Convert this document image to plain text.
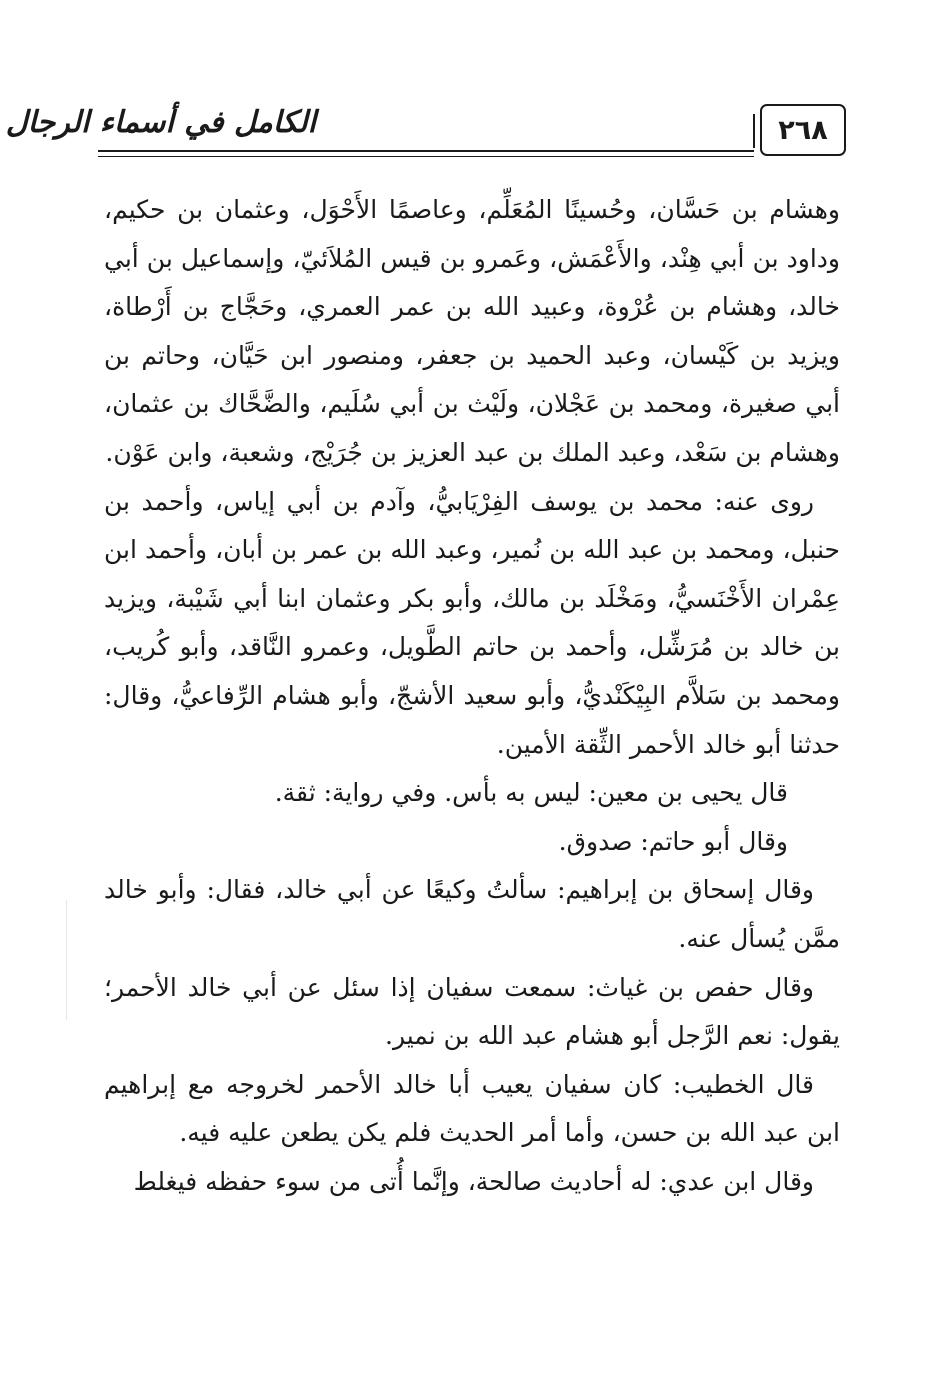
الكامل في أسماء الرجال	٢٦٨

وهشام بن حَسَّان، وحُسينًا المُعَلِّم، وعاصمًا الأَحْوَل، وعثمان بن حكيم، وداود بن أبي هِنْد، والأَعْمَش، وعَمرو بن قيس المُلاَئيّ، وإسماعيل بن أبي خالد، وهشام بن عُرْوة، وعبيد الله بن عمر العمري، وحَجَّاج بن أَرْطاة، ويزيد بن كَيْسان، وعبد الحميد بن جعفر، ومنصور ابن حَيَّان، وحاتم بن أبي صغيرة، ومحمد بن عَجْلان، ولَيْث بن أبي سُلَيم، والضَّحَّاك بن عثمان، وهشام بن سَعْد، وعبد الملك بن عبد العزيز بن جُرَيْج، وشعبة، وابن عَوْن.

روى عنه: محمد بن يوسف الفِرْيَابيُّ، وآدم بن أبي إياس، وأحمد بن حنبل، ومحمد بن عبد الله بن نُمير، وعبد الله بن عمر بن أبان، وأحمد ابن عِمْران الأَخْنَسيُّ، ومَخْلَد بن مالك، وأبو بكر وعثمان ابنا أبي شَيْبة، ويزيد بن خالد بن مُرَشِّل، وأحمد بن حاتم الطَّويل، وعمرو النَّاقد، وأبو كُريب، ومحمد بن سَلاَّم البِيْكَنْديُّ، وأبو سعيد الأشجّ، وأبو هشام الرِّفاعيُّ، وقال: حدثنا أبو خالد الأحمر الثِّقة الأمين.

قال يحيى بن معين: ليس به بأس. وفي رواية: ثقة.

وقال أبو حاتم: صدوق.

وقال إسحاق بن إبراهيم: سألتُ وكيعًا عن أبي خالد، فقال: وأبو خالد ممَّن يُسأل عنه.

وقال حفص بن غياث: سمعت سفيان إذا سئل عن أبي خالد الأحمر؛ يقول: نعم الرَّجل أبو هشام عبد الله بن نمير.

قال الخطيب: كان سفيان يعيب أبا خالد الأحمر لخروجه مع إبراهيم ابن عبد الله بن حسن، وأما أمر الحديث فلم يكن يطعن عليه فيه.

وقال ابن عدي: له أحاديث صالحة، وإنَّما أُتى من سوء حفظه فيغلط
